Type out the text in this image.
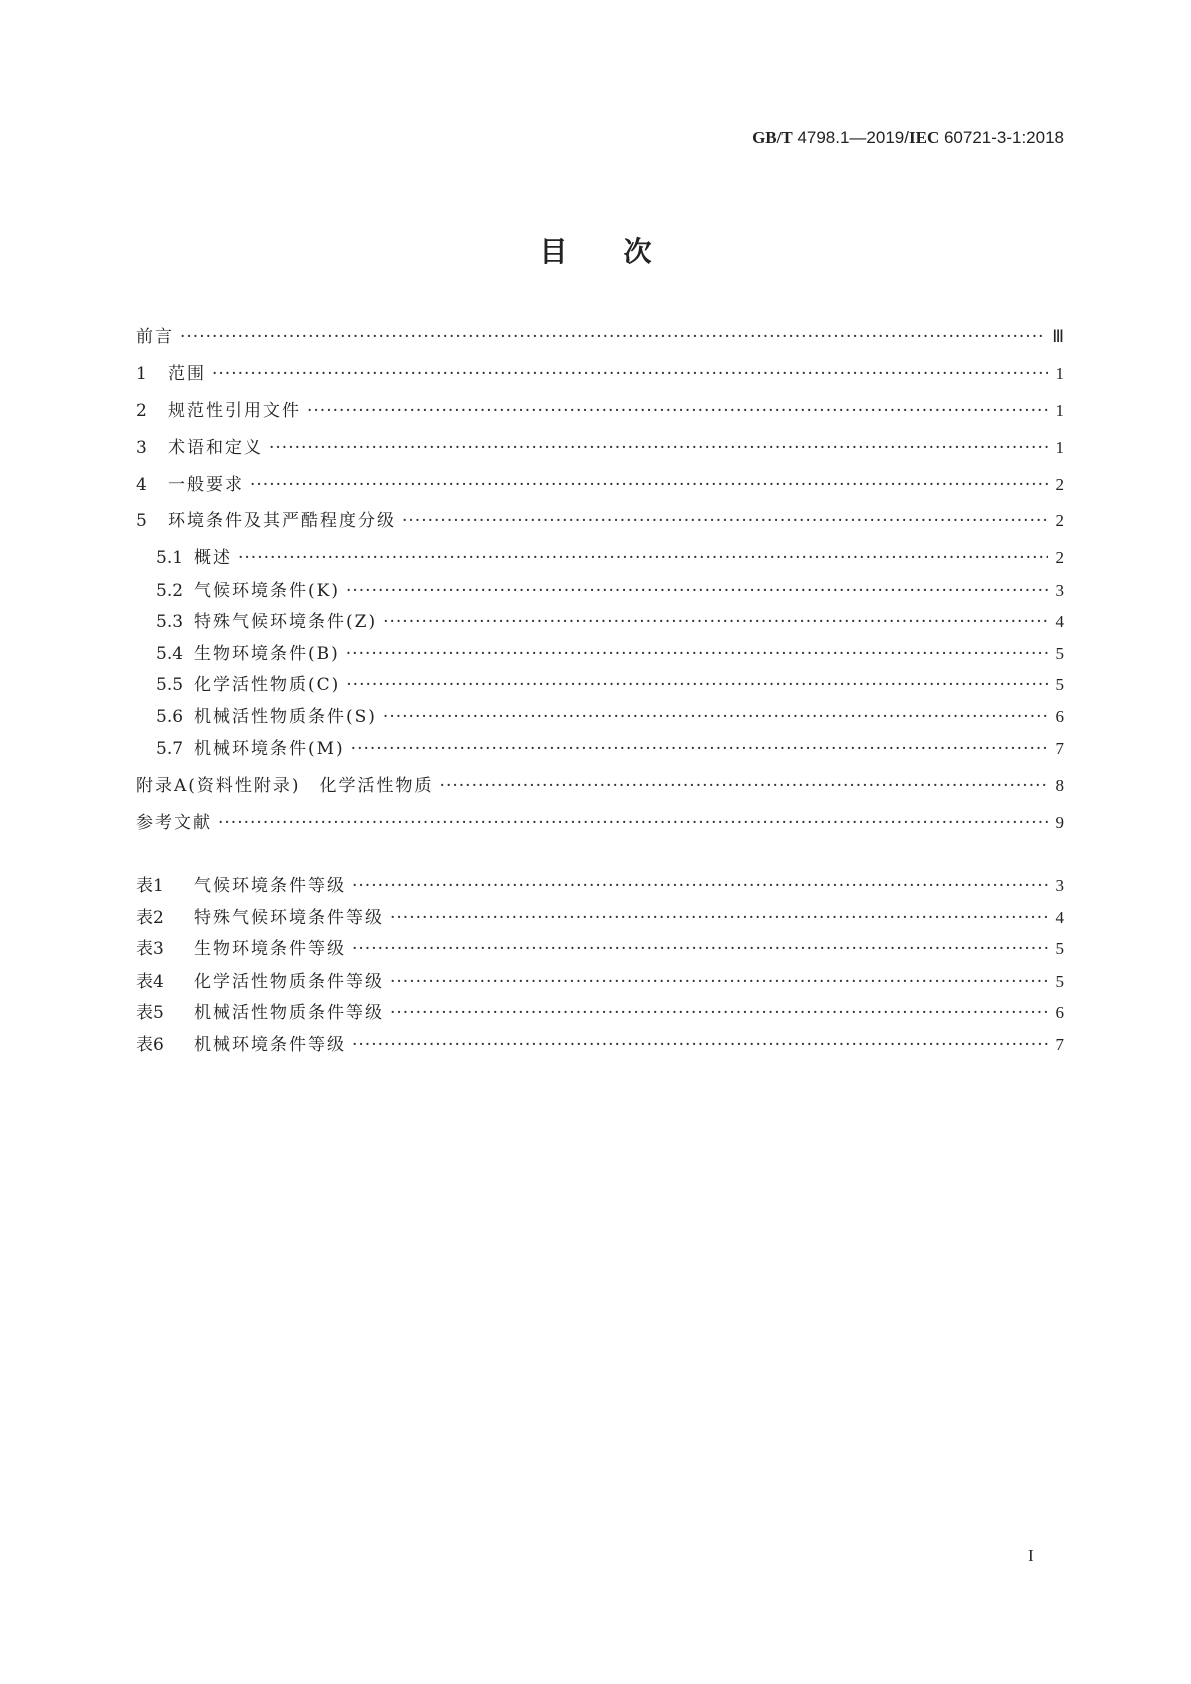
GB/T 4798.1—2019/IEC 60721-3-1:2018
目次
前言 ·····	Ⅲ
1	范围 ·····	1
2	规范性引用文件 ·····	1
3	术语和定义 ·····	1
4	一般要求 ·····	2
5	环境条件及其严酷程度分级 ·····	2
5.1 概述 ·····	2
5.2 气候环境条件(K) ·····	3
5.3 特殊气候环境条件(Z) ·····	4
5.4 生物环境条件(B) ·····	5
5.5 化学活性物质(C) ·····	5
5.6 机械活性物质条件(S) ·····	6
5.7 机械环境条件(M) ·····	7
附录A(资料性附录)　化学活性物质 ·····	8
参考文献 ·····	9
表1	气候环境条件等级 ·····	3
表2	特殊气候环境条件等级 ·····	4
表3	生物环境条件等级 ·····	5
表4	化学活性物质条件等级 ·····	5
表5	机械活性物质条件等级 ·····	6
表6	机械环境条件等级 ·····	7
I
